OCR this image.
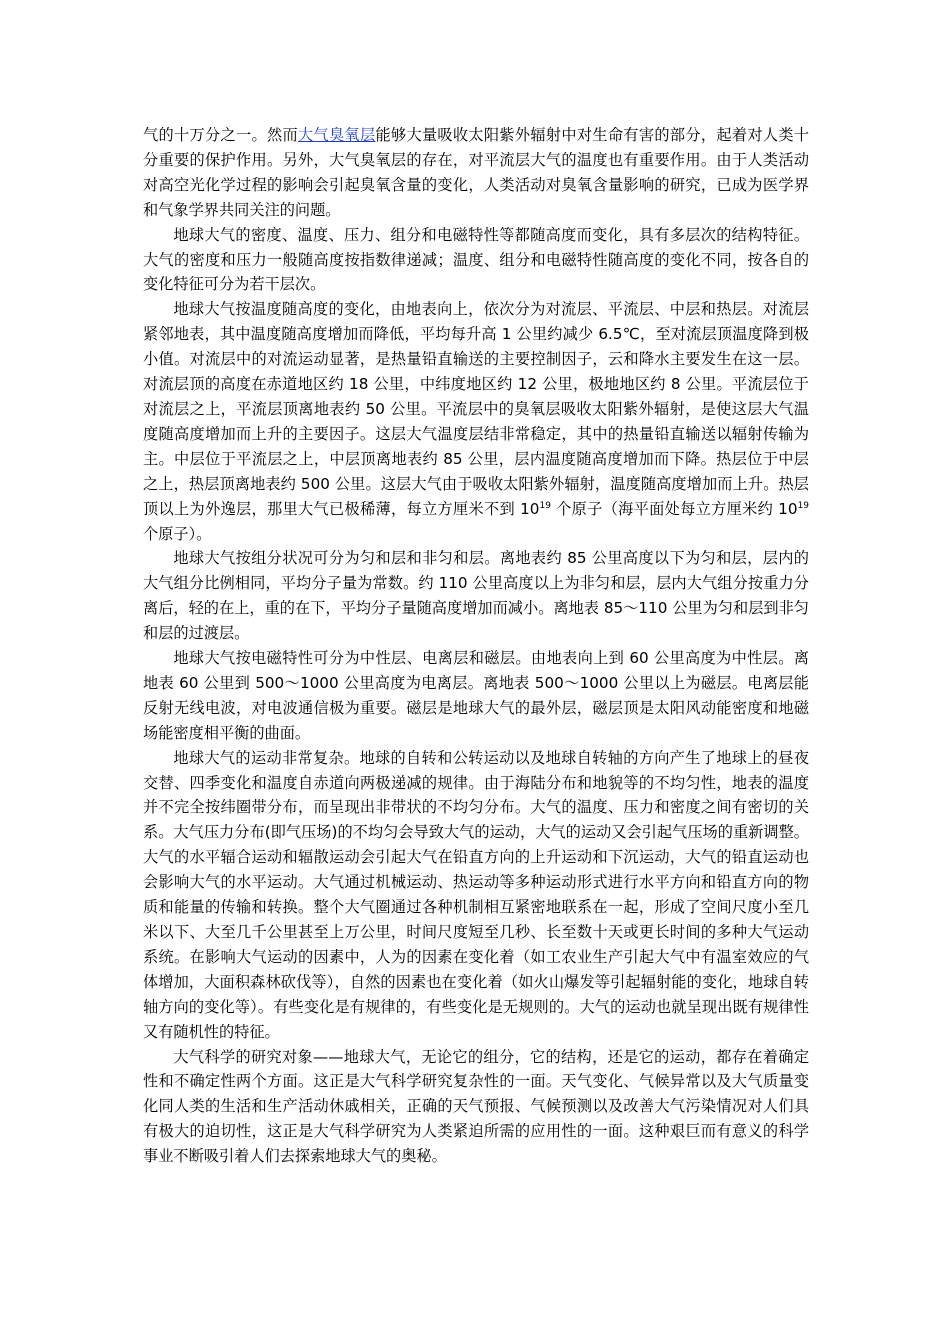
气的十万分之一。然而大气臭氧层能够大量吸收太阳紫外辐射中对生命有害的部分，起着对人类十分重要的保护作用。另外，大气臭氧层的存在，对平流层大气的温度也有重要作用。由于人类活动对高空光化学过程的影响会引起臭氧含量的变化，人类活动对臭氧含量影响的研究，已成为医学界和气象学界共同关注的问题。

地球大气的密度、温度、压力、组分和电磁特性等都随高度而变化，具有多层次的结构特征。大气的密度和压力一般随高度按指数律递减；温度、组分和电磁特性随高度的变化不同，按各自的变化特征可分为若干层次。

地球大气按温度随高度的变化，由地表向上，依次分为对流层、平流层、中层和热层。对流层紧邻地表，其中温度随高度增加而降低，平均每升高 1 公里约减少 6.5℃，至对流层顶温度降到极小值。对流层中的对流运动显著，是热量铅直输送的主要控制因子，云和降水主要发生在这一层。对流层顶的高度在赤道地区约 18 公里，中纬度地区约 12 公里，极地地区约 8 公里。平流层位于对流层之上，平流层顶离地表约 50 公里。平流层中的臭氧层吸收太阳紫外辐射，是使这层大气温度随高度增加而上升的主要因子。这层大气温度层结非常稳定，其中的热量铅直输送以辐射传输为主。中层位于平流层之上，中层顶离地表约 85 公里，层内温度随高度增加而下降。热层位于中层之上，热层顶离地表约 500 公里。这层大气由于吸收太阳紫外辐射，温度随高度增加而上升。热层顶以上为外逸层，那里大气已极稀薄，每立方厘米不到 $10^{19}$ 个原子（海平面处每立方厘米约 $10^{19}$ 个原子）。

地球大气按组分状况可分为匀和层和非匀和层。离地表约 85 公里高度以下为匀和层，层内的大气组分比例相同，平均分子量为常数。约 110 公里高度以上为非匀和层，层内大气组分按重力分离后，轻的在上，重的在下，平均分子量随高度增加而减小。离地表 85～110 公里为匀和层到非匀和层的过渡层。

地球大气按电磁特性可分为中性层、电离层和磁层。由地表向上到 60 公里高度为中性层。离地表 60 公里到 500～1000 公里高度为电离层。离地表 500～1000 公里以上为磁层。电离层能反射无线电波，对电波通信极为重要。磁层是地球大气的最外层，磁层顶是太阳风动能密度和地磁场能密度相平衡的曲面。

地球大气的运动非常复杂。地球的自转和公转运动以及地球自转轴的方向产生了地球上的昼夜交替、四季变化和温度自赤道向两极递减的规律。由于海陆分布和地貌等的不均匀性，地表的温度并不完全按纬圈带分布，而呈现出非带状的不均匀分布。大气的温度、压力和密度之间有密切的关系。大气压力分布(即气压场)的不均匀会导致大气的运动，大气的运动又会引起气压场的重新调整。大气的水平辐合运动和辐散运动会引起大气在铅直方向的上升运动和下沉运动，大气的铅直运动也会影响大气的水平运动。大气通过机械运动、热运动等多种运动形式进行水平方向和铅直方向的物质和能量的传输和转换。整个大气圈通过各种机制相互紧密地联系在一起，形成了空间尺度小至几米以下、大至几千公里甚至上万公里，时间尺度短至几秒、长至数十天或更长时间的多种大气运动系统。在影响大气运动的因素中，人为的因素在变化着（如工农业生产引起大气中有温室效应的气体增加，大面积森林砍伐等），自然的因素也在变化着（如火山爆发等引起辐射能的变化，地球自转轴方向的变化等）。有些变化是有规律的，有些变化是无规则的。大气的运动也就呈现出既有规律性又有随机性的特征。

大气科学的研究对象——地球大气，无论它的组分，它的结构，还是它的运动，都存在着确定性和不确定性两个方面。这正是大气科学研究复杂性的一面。天气变化、气候异常以及大气质量变化同人类的生活和生产活动休戚相关，正确的天气预报、气候预测以及改善大气污染情况对人们具有极大的迫切性，这正是大气科学研究为人类紧迫所需的应用性的一面。这种艰巨而有意义的科学事业不断吸引着人们去探索地球大气的奥秘。
